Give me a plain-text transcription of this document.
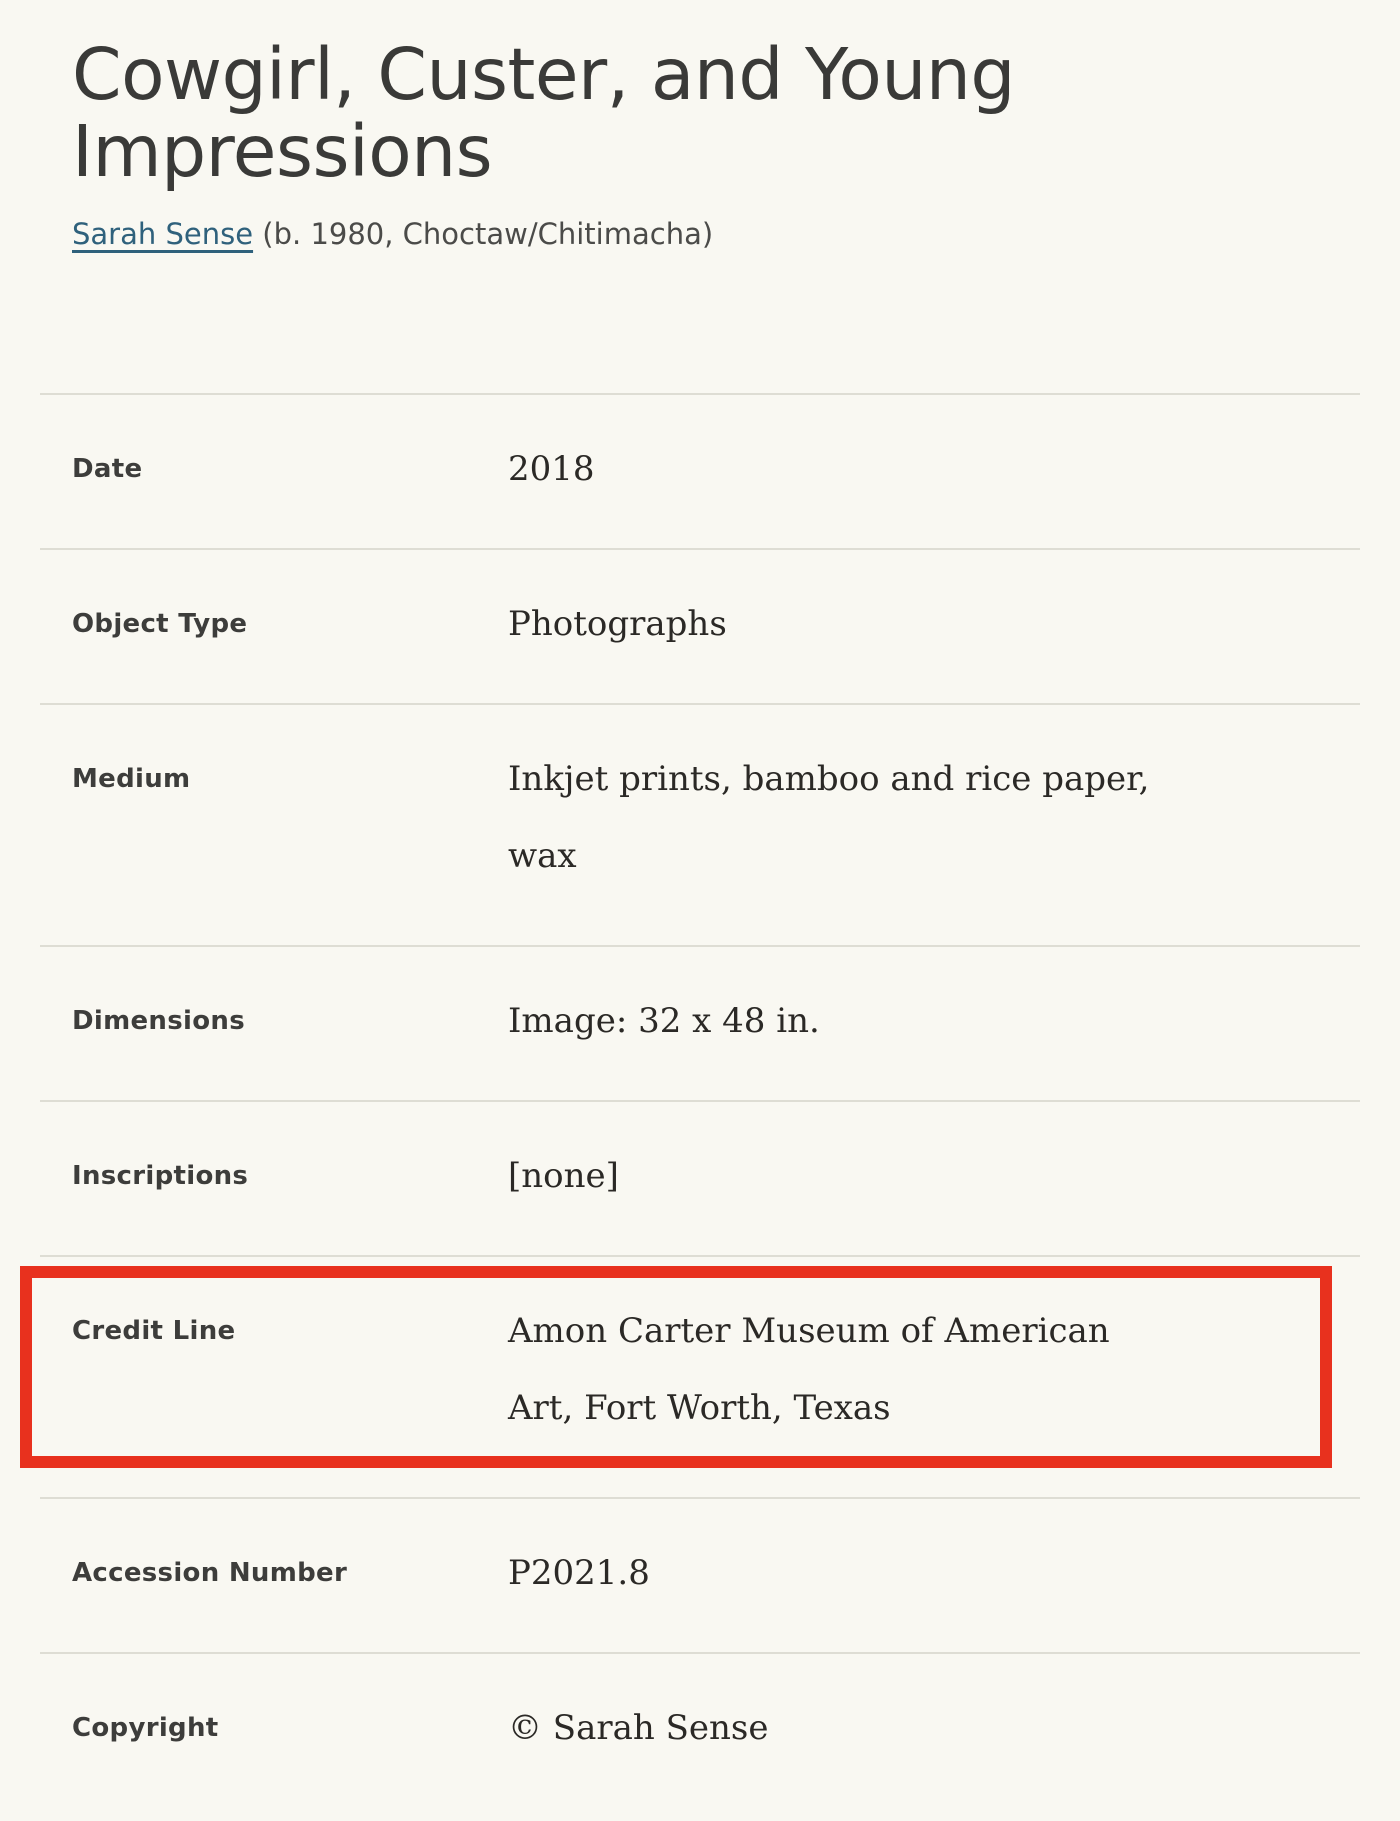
Cowgirl, Custer, and Young
Impressions

Sarah Sense (b. 1980, Choctaw/Chitimacha)

Date	2018
Object Type	Photographs
Medium	Inkjet prints, bamboo and rice paper,
wax
Dimensions	Image: 32 x 48 in.
Inscriptions	[none]
Credit Line	Amon Carter Museum of American
Art, Fort Worth, Texas
Accession Number	P2021.8
Copyright	© Sarah Sense
